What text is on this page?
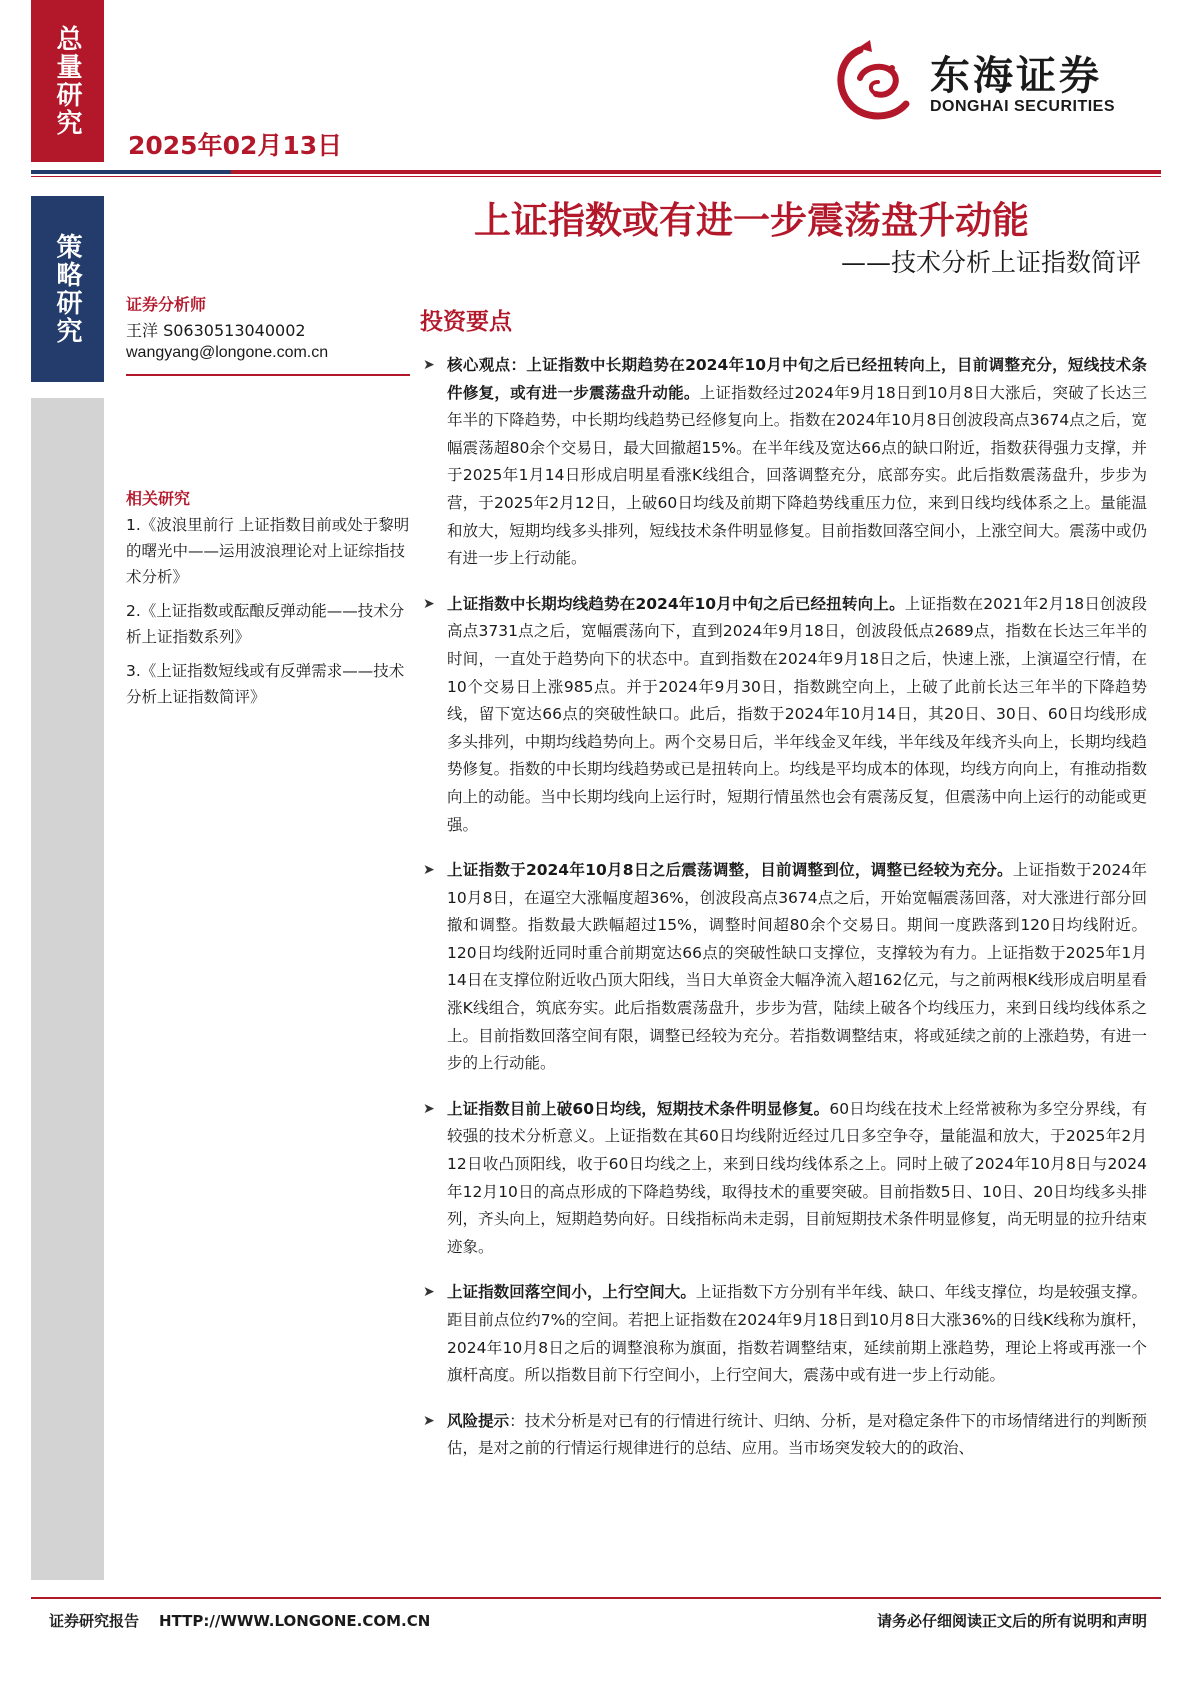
总量研究
策略研究
2025年02月13日
东海证券
DONGHAI SECURITIES
上证指数或有进一步震荡盘升动能
——技术分析上证指数简评
证券分析师
王洋 S0630513040002
wangyang@longone.com.cn
相关研究
1.《波浪里前行 上证指数目前或处于黎明的曙光中——运用波浪理论对上证综指技术分析》
2.《上证指数或酝酿反弹动能——技术分析上证指数系列》
3.《上证指数短线或有反弹需求——技术分析上证指数简评》
投资要点
➤ 核心观点：上证指数中长期趋势在2024年10月中旬之后已经扭转向上，目前调整充分，短线技术条件修复，或有进一步震荡盘升动能。上证指数经过2024年9月18日到10月8日大涨后，突破了长达三年半的下降趋势，中长期均线趋势已经修复向上。指数在2024年10月8日创波段高点3674点之后，宽幅震荡超80余个交易日，最大回撤超15%。在半年线及宽达66点的缺口附近，指数获得强力支撑，并于2025年1月14日形成启明星看涨K线组合，回落调整充分，底部夯实。此后指数震荡盘升，步步为营，于2025年2月12日，上破60日均线及前期下降趋势线重压力位，来到日线均线体系之上。量能温和放大，短期均线多头排列，短线技术条件明显修复。目前指数回落空间小，上涨空间大。震荡中或仍有进一步上行动能。
➤ 上证指数中长期均线趋势在2024年10月中旬之后已经扭转向上。上证指数在2021年2月18日创波段高点3731点之后，宽幅震荡向下，直到2024年9月18日，创波段低点2689点，指数在长达三年半的时间，一直处于趋势向下的状态中。直到指数在2024年9月18日之后，快速上涨，上演逼空行情，在10个交易日上涨985点。并于2024年9月30日，指数跳空向上，上破了此前长达三年半的下降趋势线，留下宽达66点的突破性缺口。此后，指数于2024年10月14日，其20日、30日、60日均线形成多头排列，中期均线趋势向上。两个交易日后，半年线金叉年线，半年线及年线齐头向上，长期均线趋势修复。指数的中长期均线趋势或已是扭转向上。均线是平均成本的体现，均线方向向上，有推动指数向上的动能。当中长期均线向上运行时，短期行情虽然也会有震荡反复，但震荡中向上运行的动能或更强。
➤ 上证指数于2024年10月8日之后震荡调整，目前调整到位，调整已经较为充分。上证指数于2024年10月8日，在逼空大涨幅度超36%，创波段高点3674点之后，开始宽幅震荡回落，对大涨进行部分回撤和调整。指数最大跌幅超过15%，调整时间超80余个交易日。期间一度跌落到120日均线附近。120日均线附近同时重合前期宽达66点的突破性缺口支撑位，支撑较为有力。上证指数于2025年1月14日在支撑位附近收凸顶大阳线，当日大单资金大幅净流入超162亿元，与之前两根K线形成启明星看涨K线组合，筑底夯实。此后指数震荡盘升，步步为营，陆续上破各个均线压力，来到日线均线体系之上。目前指数回落空间有限，调整已经较为充分。若指数调整结束，将或延续之前的上涨趋势，有进一步的上行动能。
➤ 上证指数目前上破60日均线，短期技术条件明显修复。60日均线在技术上经常被称为多空分界线，有较强的技术分析意义。上证指数在其60日均线附近经过几日多空争夺，量能温和放大，于2025年2月12日收凸顶阳线，收于60日均线之上，来到日线均线体系之上。同时上破了2024年10月8日与2024年12月10日的高点形成的下降趋势线，取得技术的重要突破。目前指数5日、10日、20日均线多头排列，齐头向上，短期趋势向好。日线指标尚未走弱，目前短期技术条件明显修复，尚无明显的拉升结束迹象。
➤ 上证指数回落空间小，上行空间大。上证指数下方分别有半年线、缺口、年线支撑位，均是较强支撑。距目前点位约7%的空间。若把上证指数在2024年9月18日到10月8日大涨36%的日线K线称为旗杆，2024年10月8日之后的调整浪称为旗面，指数若调整结束，延续前期上涨趋势，理论上将或再涨一个旗杆高度。所以指数目前下行空间小，上行空间大，震荡中或有进一步上行动能。
➤ 风险提示：技术分析是对已有的行情进行统计、归纳、分析，是对稳定条件下的市场情绪进行的判断预估，是对之前的行情运行规律进行的总结、应用。当市场突发较大的的政治、
证券研究报告 HTTP://WWW.LONGONE.COM.CN	请务必仔细阅读正文后的所有说明和声明
